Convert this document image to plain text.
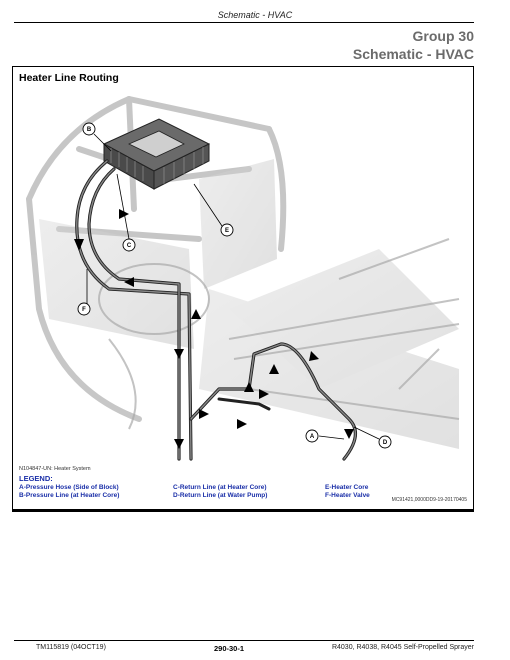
Schematic - HVAC
Group 30
Schematic - HVAC
Heater Line Routing
B
C
E
F
A
D
N104847-UN: Heater System
LEGEND:
A-Pressure Hose (Side of Block)
B-Pressure Line (at Heater Core)
C-Return Line (at Heater Core)
D-Return Line (at Water Pump)
E-Heater Core
F-Heater Valve
MC91421,0000DD9-19-20170405
TM115819 (04OCT19)	290-30-1	R4030, R4038, R4045 Self-Propelled Sprayer
